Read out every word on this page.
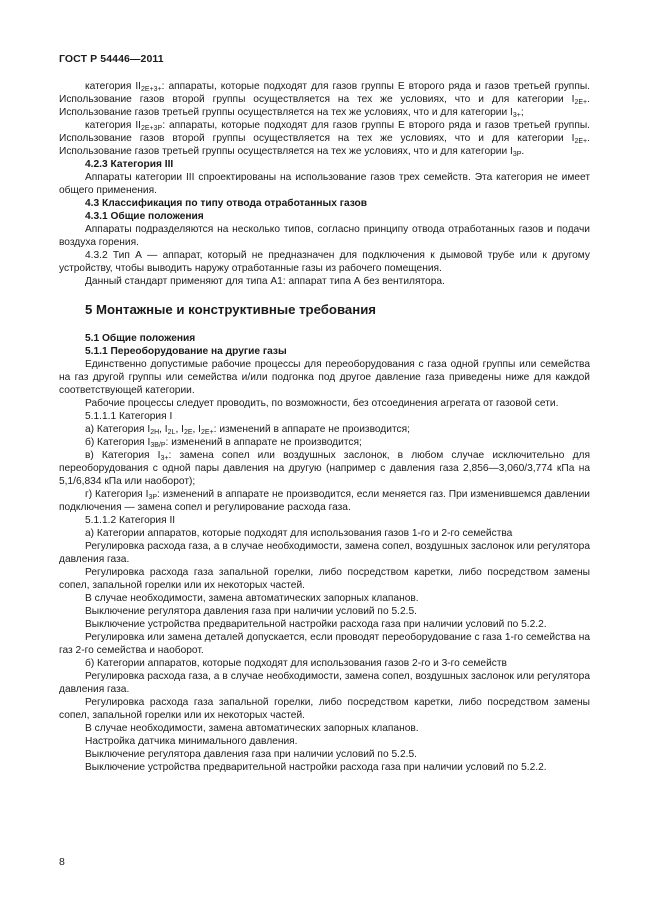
ГОСТ Р 54446—2011

категория $II_{2E+3+}$: аппараты, которые подходят для газов группы E второго ряда и газов третьей группы. Использование газов второй группы осуществляется на тех же условиях, что и для категории $I_{2E+}$. Использование газов третьей группы осуществляется на тех же условиях, что и для категории $I_{3+}$;

категория $II_{2E+3P}$: аппараты, которые подходят для газов группы E второго ряда и газов третьей группы. Использование газов второй группы осуществляется на тех же условиях, что и для категории $I_{2E+}$. Использование газов третьей группы осуществляется на тех же условиях, что и для категории $I_{3P}$.

4.2.3 Категория III

Аппараты категории III спроектированы на использование газов трех семейств. Эта категория не имеет общего применения.

4.3 Классификация по типу отвода отработанных газов

4.3.1 Общие положения

Аппараты подразделяются на несколько типов, согласно принципу отвода отработанных газов и подачи воздуха горения.

4.3.2 Тип А — аппарат, который не предназначен для подключения к дымовой трубе или к другому устройству, чтобы выводить наружу отработанные газы из рабочего помещения.

Данный стандарт применяют для типа А1: аппарат типа А без вентилятора.

5 Монтажные и конструктивные требования

5.1 Общие положения

5.1.1 Переоборудование на другие газы

Единственно допустимые рабочие процессы для переоборудования с газа одной группы или семейства на газ другой группы или семейства и/или подгонка под другое давление газа приведены ниже для каждой соответствующей категории.

Рабочие процессы следует проводить, по возможности, без отсоединения агрегата от газовой сети.

5.1.1.1 Категория I

а) Категория $I_{2H}$, $I_{2L}$, $I_{2E}$, $I_{2E+}$: изменений в аппарате не производится;

б) Категория $I_{3B/P}$: изменений в аппарате не производится;

в) Категория $I_{3+}$: замена сопел или воздушных заслонок, в любом случае исключительно для переоборудования с одной пары давления на другую (например с давления газа 2,856—3,060/3,774 кПа на 5,1/6,834 кПа или наоборот);

г) Категория $I_{3P}$: изменений в аппарате не производится, если меняется газ. При изменившемся давлении подключения — замена сопел и регулирование расхода газа.

5.1.1.2 Категория II

а) Категории аппаратов, которые подходят для использования газов 1-го и 2-го семейства

Регулировка расхода газа, а в случае необходимости, замена сопел, воздушных заслонок или регулятора давления газа.

Регулировка расхода газа запальной горелки, либо посредством каретки, либо посредством замены сопел, запальной горелки или их некоторых частей.

В случае необходимости, замена автоматических запорных клапанов.

Выключение регулятора давления газа при наличии условий по 5.2.5.

Выключение устройства предварительной настройки расхода газа при наличии условий по 5.2.2.

Регулировка или замена деталей допускается, если проводят переоборудование с газа 1-го семейства на газ 2-го семейства и наоборот.

б) Категории аппаратов, которые подходят для использования газов 2-го и 3-го семейств

Регулировка расхода газа, а в случае необходимости, замена сопел, воздушных заслонок или регулятора давления газа.

Регулировка расхода газа запальной горелки, либо посредством каретки, либо посредством замены сопел, запальной горелки или их некоторых частей.

В случае необходимости, замена автоматических запорных клапанов.

Настройка датчика минимального давления.

Выключение регулятора давления газа при наличии условий по 5.2.5.

Выключение устройства предварительной настройки расхода газа при наличии условий по 5.2.2.

8
